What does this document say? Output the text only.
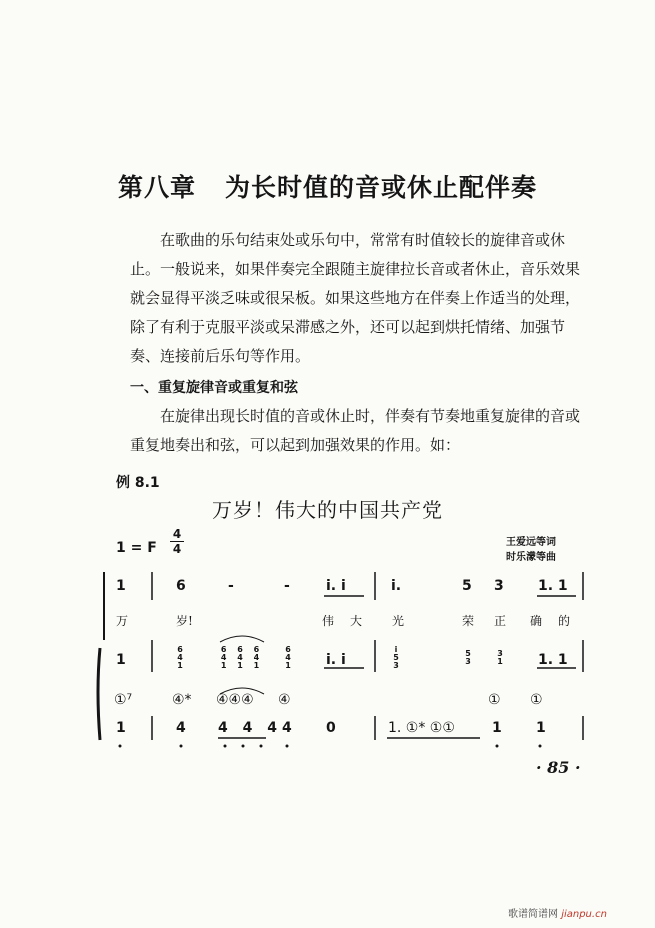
第八章   为长时值的音或休止配伴奏
在歌曲的乐句结束处或乐句中，常常有时值较长的旋律音或休止。一般说来，如果伴奏完全跟随主旋律拉长音或者休止，音乐效果就会显得平淡乏味或很呆板。如果这些地方在伴奏上作适当的处理，除了有利于克服平淡或呆滞感之外，还可以起到烘托情绪、加强节奏、连接前后乐句等作用。
一、重复旋律音或重复和弦
在旋律出现长时值的音或休止时，伴奏有节奏地重复旋律的音或重复地奏出和弦，可以起到加强效果的作用。如：
例 8.1
万岁！伟大的中国共产党
王爱远等词
时乐濛等曲
1 = F
4
4
1	6	-	-	i. i	i.	5 3 1. 1
万	岁!	伟 大 光	荣 正 确 的
1
6
4
1
6 6 6
4 4 4
1 1 1
6
4
1	i. i
i
5
3
5
3
3
1	1. 1
①⁷	④* ④④④ ④	① ①
1	4 4 4 4 4 0	1. ①* ①①	1 1
· 85 ·
歌谱简谱网 jianpu.cn
